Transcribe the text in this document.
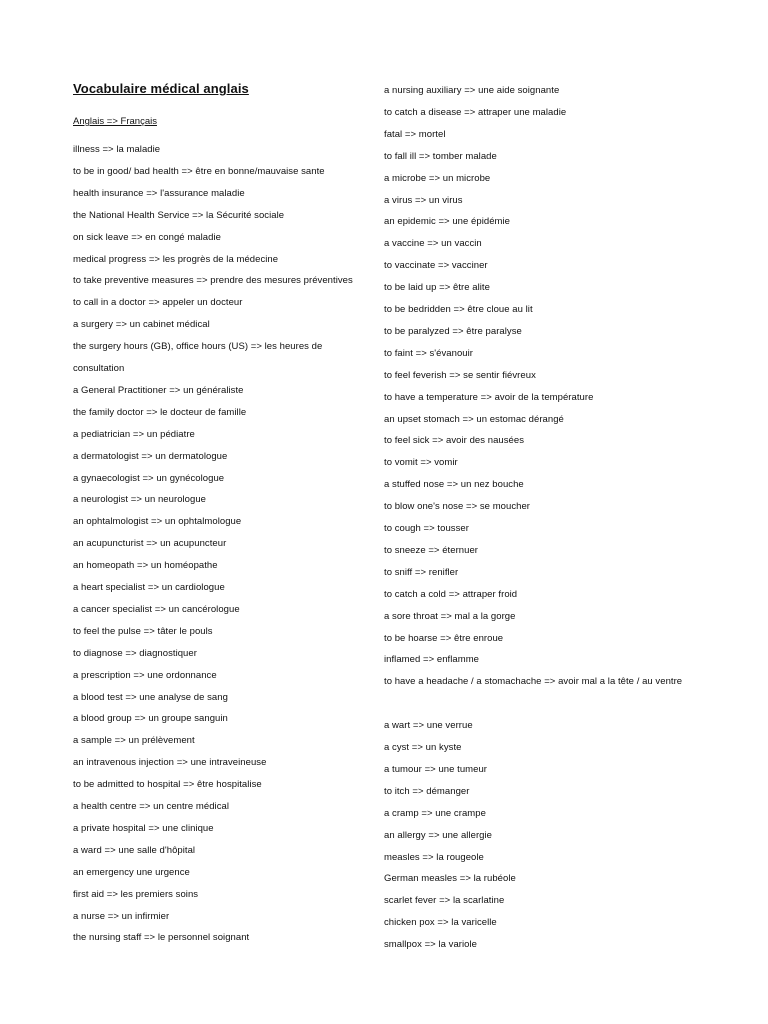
Vocabulaire médical anglais
Anglais => Français
illness => la maladie
to be in good/ bad health => être en bonne/mauvaise sante
health insurance => l'assurance maladie
the National Health Service => la Sécurité sociale
on sick leave => en congé maladie
medical progress => les progrès de la médecine
to take preventive measures => prendre des mesures préventives
to call in a doctor => appeler un docteur
a surgery => un cabinet médical
the surgery hours (GB), office hours (US) => les heures de consultation
a General Practitioner => un généraliste
the family doctor => le docteur de famille
a pediatrician => un pédiatre
a dermatologist => un dermatologue
a gynaecologist => un gynécologue
a neurologist => un neurologue
an ophtalmologist => un ophtalmologue
an acupuncturist => un acupuncteur
an homeopath => un homéopathe
a heart specialist => un cardiologue
a cancer specialist => un cancérologue
to feel the pulse => tâter le pouls
to diagnose => diagnostiquer
a prescription => une ordonnance
a blood test => une analyse de sang
a blood group => un groupe sanguin
a sample => un prélèvement
an intravenous injection => une intraveineuse
to be admitted to hospital => être hospitalise
a health centre => un centre médical
a private hospital => une clinique
a ward => une salle d'hôpital
an emergency une urgence
first aid => les premiers soins
a nurse => un infirmier
the nursing staff => le personnel soignant
a nursing auxiliary => une aide soignante
to catch a disease => attraper une maladie
fatal => mortel
to fall ill => tomber malade
a microbe => un microbe
a virus => un virus
an epidemic => une épidémie
a vaccine => un vaccin
to vaccinate => vacciner
to be laid up => être alite
to be bedridden => être cloue au lit
to be paralyzed => être paralyse
to faint => s'évanouir
to feel feverish => se sentir fiévreux
to have a temperature => avoir de la température
an upset stomach => un estomac dérangé
to feel sick => avoir des nausées
to vomit => vomir
a stuffed nose => un nez bouche
to blow one's nose => se moucher
to cough => tousser
to sneeze => éternuer
to sniff => renifler
to catch a cold => attraper froid
a sore throat => mal a la gorge
to be hoarse => être enroue
inflamed => enflamme
to have a headache / a stomachache => avoir mal a la tête / au ventre
a wart => une verrue
a cyst => un kyste
a tumour => une tumeur
to itch => démanger
a cramp => une crampe
an allergy => une allergie
measles => la rougeole
German measles => la rubéole
scarlet fever => la scarlatine
chicken pox => la varicelle
smallpox => la variole
